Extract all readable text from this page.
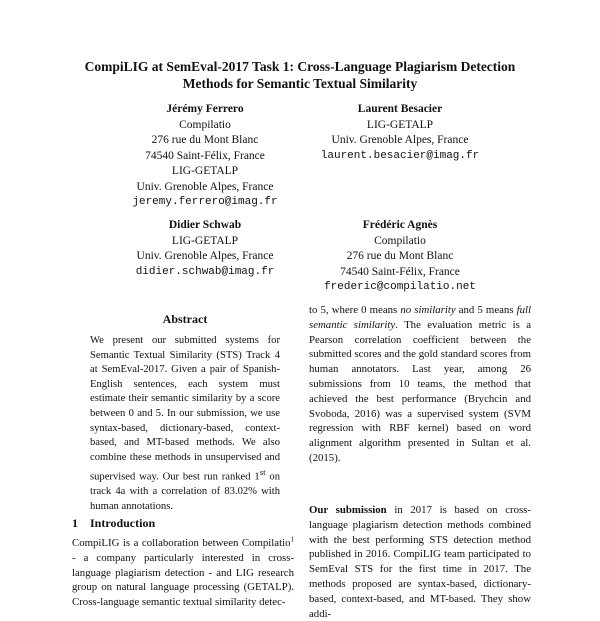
CompiLIG at SemEval-2017 Task 1: Cross-Language Plagiarism Detection Methods for Semantic Textual Similarity
Jérémy Ferrero
Compilatio
276 rue du Mont Blanc
74540 Saint-Félix, France
LIG-GETALP
Univ. Grenoble Alpes, France
jeremy.ferrero@imag.fr
Laurent Besacier
LIG-GETALP
Univ. Grenoble Alpes, France
laurent.besacier@imag.fr
Didier Schwab
LIG-GETALP
Univ. Grenoble Alpes, France
didier.schwab@imag.fr
Frédéric Agnès
Compilatio
276 rue du Mont Blanc
74540 Saint-Félix, France
frederic@compilatio.net
Abstract
We present our submitted systems for Semantic Textual Similarity (STS) Track 4 at SemEval-2017. Given a pair of Spanish-English sentences, each system must estimate their semantic similarity by a score between 0 and 5. In our submission, we use syntax-based, dictionary-based, context-based, and MT-based methods. We also combine these methods in unsupervised and supervised way. Our best run ranked 1st on track 4a with a correlation of 83.02% with human annotations.
1 Introduction
CompiLIG is a collaboration between Compilatio$^1$ - a company particularly interested in cross-language plagiarism detection - and LIG research group on natural language processing (GETALP). Cross-language semantic textual similarity detec-
to 5, where 0 means no similarity and 5 means full semantic similarity. The evaluation metric is a Pearson correlation coefficient between the submitted scores and the gold standard scores from human annotators. Last year, among 26 submissions from 10 teams, the method that achieved the best performance (Brychcin and Svoboda, 2016) was a supervised system (SVM regression with RBF kernel) based on word alignment algorithm presented in Sultan et al. (2015).
Our submission in 2017 is based on cross-language plagiarism detection methods combined with the best performing STS detection method published in 2016. CompiLIG team participated to SemEval STS for the first time in 2017. The methods proposed are syntax-based, dictionary-based, context-based, and MT-based. They show addi-
